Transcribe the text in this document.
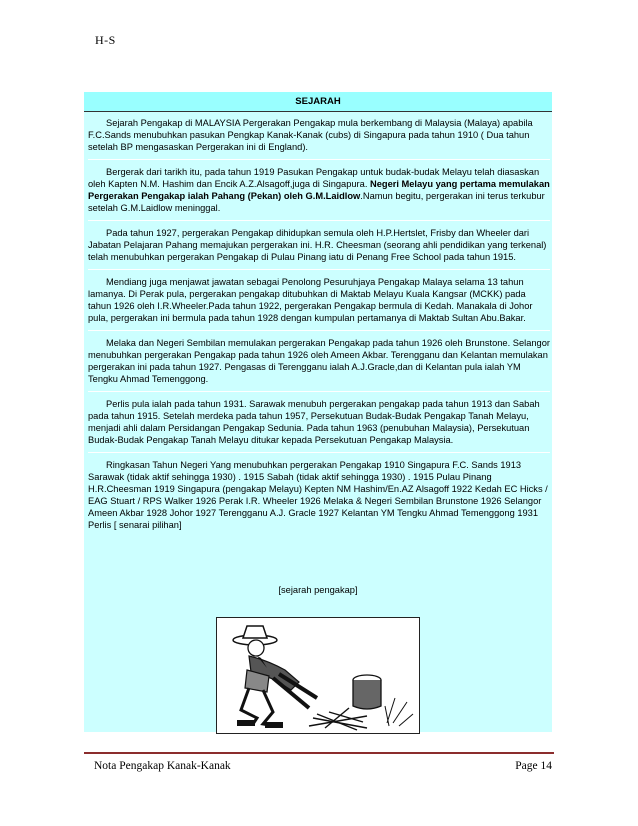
H-S
SEJARAH

Sejarah Pengakap di MALAYSIA Pergerakan Pengakap mula berkembang di Malaysia (Malaya) apabila F.C.Sands menubuhkan pasukan Pengkap Kanak-Kanak (cubs) di Singapura pada tahun 1910 ( Dua tahun setelah BP mengasaskan Pergerakan ini di England).

Bergerak dari tarikh itu, pada tahun 1919 Pasukan Pengakap untuk budak-budak Melayu telah diasaskan oleh Kapten N.M. Hashim dan Encik A.Z.Alsagoff,juga di Singapura. Negeri Melayu yang pertama memulakan Pergerakan Pengakap ialah Pahang (Pekan) oleh G.M.Laidlow.Namun begitu, pergerakan ini terus terkubur setelah G.M.Laidlow meninggal.

Pada tahun 1927, pergerakan Pengakap dihidupkan semula oleh H.P.Hertslet, Frisby dan Wheeler dari Jabatan Pelajaran Pahang memajukan pergerakan ini. H.R. Cheesman (seorang ahli pendidikan yang terkenal) telah menubuhkan pergerakan Pengakap di Pulau Pinang iatu di Penang Free School pada tahun 1915.

Mendiang juga menjawat jawatan sebagai Penolong Pesuruhjaya Pengakap Malaya selama 13 tahun lamanya. Di Perak pula, pergerakan pengakap ditubuhkan di Maktab Melayu Kuala Kangsar (MCKK) pada tahun 1926 oleh I.R.Wheeler.Pada tahun 1922, pergerakan Pengakap bermula di Kedah. Manakala di Johor pula, pergerakan ini bermula pada tahun 1928 dengan kumpulan pertamanya di Maktab Sultan Abu.Bakar.

Melaka dan Negeri Sembilan memulakan pergerakan Pengakap pada tahun 1926 oleh Brunstone. Selangor menubuhkan pergerakan Pengakap pada tahun 1926 oleh Ameen Akbar. Terengganu dan Kelantan memulakan pergerakan ini pada tahun 1927. Pengasas di Terengganu ialah A.J.Gracle,dan di Kelantan pula ialah YM Tengku Ahmad Temenggong.

Perlis pula ialah pada tahun 1931. Sarawak menubuh pergerakan pengakap pada tahun 1913 dan Sabah pada tahun 1915. Setelah merdeka pada tahun 1957, Persekutuan Budak-Budak Pengakap Tanah Melayu, menjadi ahli dalam Persidangan Pengakap Sedunia. Pada tahun 1963 (penubuhan Malaysia), Persekutuan Budak-Budak Pengakap Tanah Melayu ditukar kepada Persekutuan Pengakap Malaysia.

Ringkasan Tahun Negeri Yang menubuhkan pergerakan Pengakap 1910 Singapura F.C. Sands 1913 Sarawak (tidak aktif sehingga 1930) . 1915 Sabah (tidak aktif sehingga 1930) . 1915 Pulau Pinang H.R.Cheesman 1919 Singapura (pengakap Melayu) Kepten NM Hashim/En.AZ Alsagoff 1922 Kedah EC Hicks / EAG Stuart / RPS Walker 1926 Perak I.R. Wheeler 1926 Melaka & Negeri Sembilan Brunstone 1926 Selangor Ameen Akbar 1928 Johor 1927 Terengganu A.J. Gracle 1927 Kelantan YM Tengku Ahmad Temenggong 1931 Perlis [ senarai pilihan]

[sejarah pengakap]
Nota Pengakap Kanak-Kanak	Page 14
